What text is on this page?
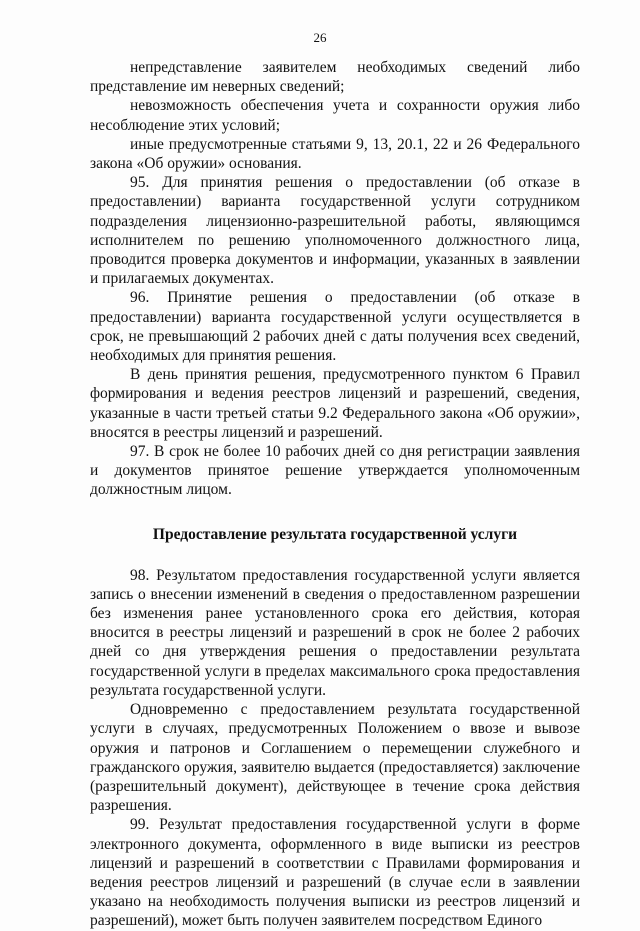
26

непредставление заявителем необходимых сведений либо представление им неверных сведений;

невозможность обеспечения учета и сохранности оружия либо несоблюдение этих условий;

иные предусмотренные статьями 9, 13, 20.1, 22 и 26 Федерального закона «Об оружии» основания.

95. Для принятия решения о предоставлении (об отказе в предоставлении) варианта государственной услуги сотрудником подразделения лицензионно-разрешительной работы, являющимся исполнителем по решению уполномоченного должностного лица, проводится проверка документов и информации, указанных в заявлении и прилагаемых документах.

96. Принятие решения о предоставлении (об отказе в предоставлении) варианта государственной услуги осуществляется в срок, не превышающий 2 рабочих дней с даты получения всех сведений, необходимых для принятия решения.

В день принятия решения, предусмотренного пунктом 6 Правил формирования и ведения реестров лицензий и разрешений, сведения, указанные в части третьей статьи 9.2 Федерального закона «Об оружии», вносятся в реестры лицензий и разрешений.

97. В срок не более 10 рабочих дней со дня регистрации заявления и документов принятое решение утверждается уполномоченным должностным лицом.

Предоставление результата государственной услуги

98. Результатом предоставления государственной услуги является запись о внесении изменений в сведения о предоставленном разрешении без изменения ранее установленного срока его действия, которая вносится в реестры лицензий и разрешений в срок не более 2 рабочих дней со дня утверждения решения о предоставлении результата государственной услуги в пределах максимального срока предоставления результата государственной услуги.

Одновременно с предоставлением результата государственной услуги в случаях, предусмотренных Положением о ввозе и вывозе оружия и патронов и Соглашением о перемещении служебного и гражданского оружия, заявителю выдается (предоставляется) заключение (разрешительный документ), действующее в течение срока действия разрешения.

99. Результат предоставления государственной услуги в форме электронного документа, оформленного в виде выписки из реестров лицензий и разрешений в соответствии с Правилами формирования и ведения реестров лицензий и разрешений (в случае если в заявлении указано на необходимость получения выписки из реестров лицензий и разрешений), может быть получен заявителем посредством Единого
